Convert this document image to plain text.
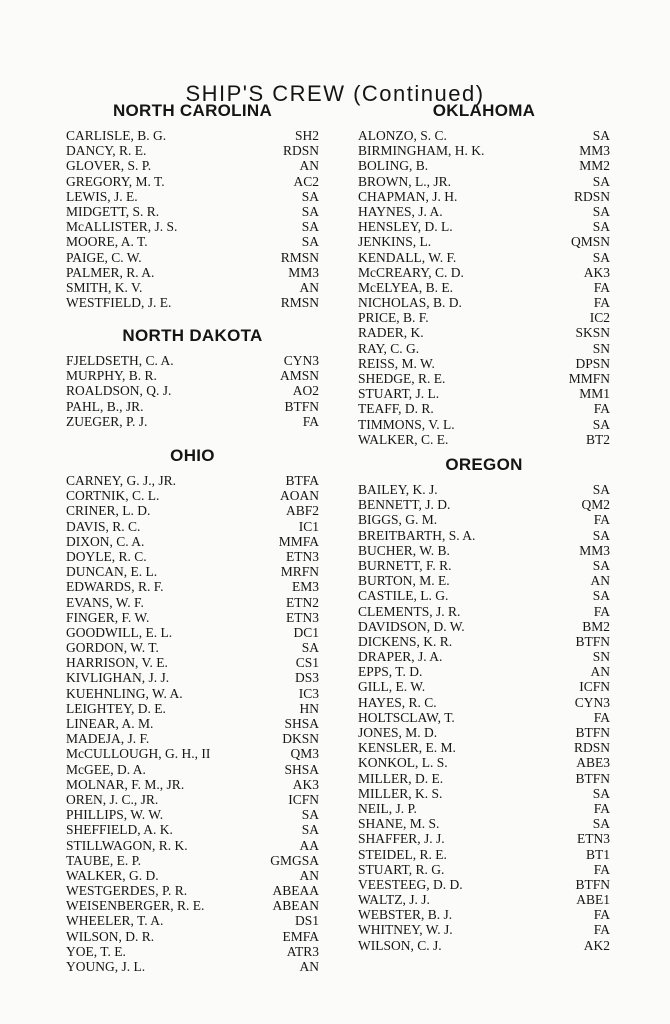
SHIP'S CREW (Continued)
NORTH CAROLINA
CARLISLE, B. G.	SH2
DANCY, R. E.	RDSN
GLOVER, S. P.	AN
GREGORY, M. T.	AC2
LEWIS, J. E.	SA
MIDGETT, S. R.	SA
McALLISTER, J. S.	SA
MOORE, A. T.	SA
PAIGE, C. W.	RMSN
PALMER, R. A.	MM3
SMITH, K. V.	AN
WESTFIELD, J. E.	RMSN
NORTH DAKOTA
FJELDSETH, C. A.	CYN3
MURPHY, B. R.	AMSN
ROALDSON, Q. J.	AO2
PAHL, B., JR.	BTFN
ZUEGER, P. J.	FA
OHIO
CARNEY, G. J., JR.	BTFA
CORTNIK, C. L.	AOAN
CRINER, L. D.	ABF2
DAVIS, R. C.	IC1
DIXON, C. A.	MMFA
DOYLE, R. C.	ETN3
DUNCAN, E. L.	MRFN
EDWARDS, R. F.	EM3
EVANS, W. F.	ETN2
FINGER, F. W.	ETN3
GOODWILL, E. L.	DC1
GORDON, W. T.	SA
HARRISON, V. E.	CS1
KIVLIGHAN, J. J.	DS3
KUEHNLING, W. A.	IC3
LEIGHTEY, D. E.	HN
LINEAR, A. M.	SHSA
MADEJA, J. F.	DKSN
McCULLOUGH, G. H., II	QM3
McGEE, D. A.	SHSA
MOLNAR, F. M., JR.	AK3
OREN, J. C., JR.	ICFN
PHILLIPS, W. W.	SA
SHEFFIELD, A. K.	SA
STILLWAGON, R. K.	AA
TAUBE, E. P.	GMGSA
WALKER, G. D.	AN
WESTGERDES, P. R.	ABEAA
WEISENBERGER, R. E.	ABEAN
WHEELER, T. A.	DS1
WILSON, D. R.	EMFA
YOE, T. E.	ATR3
YOUNG, J. L.	AN
OKLAHOMA
ALONZO, S. C.	SA
BIRMINGHAM, H. K.	MM3
BOLING, B.	MM2
BROWN, L., JR.	SA
CHAPMAN, J. H.	RDSN
HAYNES, J. A.	SA
HENSLEY, D. L.	SA
JENKINS, L.	QMSN
KENDALL, W. F.	SA
McCREARY, C. D.	AK3
McELYEA, B. E.	FA
NICHOLAS, B. D.	FA
PRICE, B. F.	IC2
RADER, K.	SKSN
RAY, C. G.	SN
REISS, M. W.	DPSN
SHEDGE, R. E.	MMFN
STUART, J. L.	MM1
TEAFF, D. R.	FA
TIMMONS, V. L.	SA
WALKER, C. E.	BT2
OREGON
BAILEY, K. J.	SA
BENNETT, J. D.	QM2
BIGGS, G. M.	FA
BREITBARTH, S. A.	SA
BUCHER, W. B.	MM3
BURNETT, F. R.	SA
BURTON, M. E.	AN
CASTILE, L. G.	SA
CLEMENTS, J. R.	FA
DAVIDSON, D. W.	BM2
DICKENS, K. R.	BTFN
DRAPER, J. A.	SN
EPPS, T. D.	AN
GILL, E. W.	ICFN
HAYES, R. C.	CYN3
HOLTSCLAW, T.	FA
JONES, M. D.	BTFN
KENSLER, E. M.	RDSN
KONKOL, L. S.	ABE3
MILLER, D. E.	BTFN
MILLER, K. S.	SA
NEIL, J. P.	FA
SHANE, M. S.	SA
SHAFFER, J. J.	ETN3
STEIDEL, R. E.	BT1
STUART, R. G.	FA
VEESTEEG, D. D.	BTFN
WALTZ, J. J.	ABE1
WEBSTER, B. J.	FA
WHITNEY, W. J.	FA
WILSON, C. J.	AK2
